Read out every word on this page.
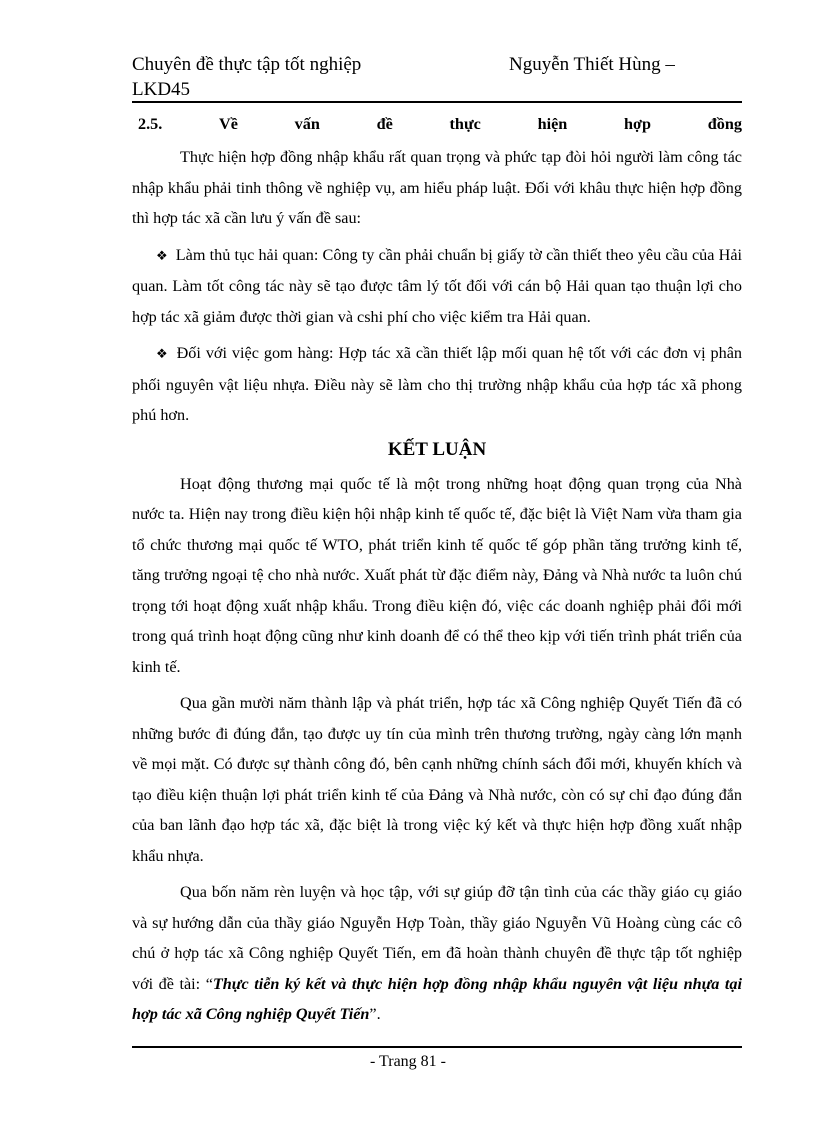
Chuyên đề thực tập tốt nghiệp	Nguyễn Thiết Hùng –
LKD45
2.5.	Về	vấn	đề	thực	hiện	hợp	đồng

Thực hiện hợp đồng nhập khẩu rất quan trọng và phức tạp đòi hỏi người làm công tác nhập khẩu phải tinh thông về nghiệp vụ, am hiểu pháp luật. Đối với khâu thực hiện hợp đồng thì hợp tác xã cần lưu ý vấn đề sau:

❖ Làm thủ tục hải quan: Công ty cần phải chuẩn bị giấy tờ cần thiết theo yêu cầu của Hải quan. Làm tốt công tác này sẽ tạo được tâm lý tốt đối với cán bộ Hải quan tạo thuận lợi cho hợp tác xã giảm được thời gian và cshi phí cho việc kiểm tra Hải quan.

❖ Đối với việc gom hàng: Hợp tác xã cần thiết lập mối quan hệ tốt với các đơn vị phân phối nguyên vật liệu nhựa. Điều này sẽ làm cho thị trường nhập khẩu của hợp tác xã phong phú hơn.

KẾT LUẬN

Hoạt động thương mại quốc tế là một trong những hoạt động quan trọng của Nhà nước ta. Hiện nay trong điều kiện hội nhập kinh tế quốc tế, đặc biệt là Việt Nam vừa tham gia tổ chức thương mại quốc tế WTO, phát triển kinh tế quốc tế góp phần tăng trưởng kinh tế, tăng trưởng ngoại tệ cho nhà nước. Xuất phát từ đặc điểm này, Đảng và Nhà nước ta luôn chú trọng tới hoạt động xuất nhập khẩu. Trong điều kiện đó, việc các doanh nghiệp phải đổi mới trong quá trình hoạt động cũng như kinh doanh để có thể theo kịp với tiến trình phát triển của kinh tế.

Qua gần mười năm thành lập và phát triển, hợp tác xã Công nghiệp Quyết Tiến đã có những bước đi đúng đắn, tạo được uy tín của mình trên thương trường, ngày càng lớn mạnh về mọi mặt. Có được sự thành công đó, bên cạnh những chính sách đổi mới, khuyến khích và tạo điều kiện thuận lợi phát triển kinh tế của Đảng và Nhà nước, còn có sự chỉ đạo đúng đắn của ban lãnh đạo hợp tác xã, đặc biệt là trong việc ký kết và thực hiện hợp đồng xuất nhập khẩu nhựa.

Qua bốn năm rèn luyện và học tập, với sự giúp đỡ tận tình của các thầy giáo cụ giáo và sự hướng dẫn của thầy giáo Nguyễn Hợp Toàn, thầy giáo Nguyễn Vũ Hoàng cùng các cô chú ở hợp tác xã Công nghiệp Quyết Tiến, em đã hoàn thành chuyên đề thực tập tốt nghiệp với đề tài: “Thực tiễn ký kết và thực hiện hợp đồng nhập khẩu nguyên vật liệu nhựa tại hợp tác xã Công nghiệp Quyết Tiến”.

- Trang 81 -
